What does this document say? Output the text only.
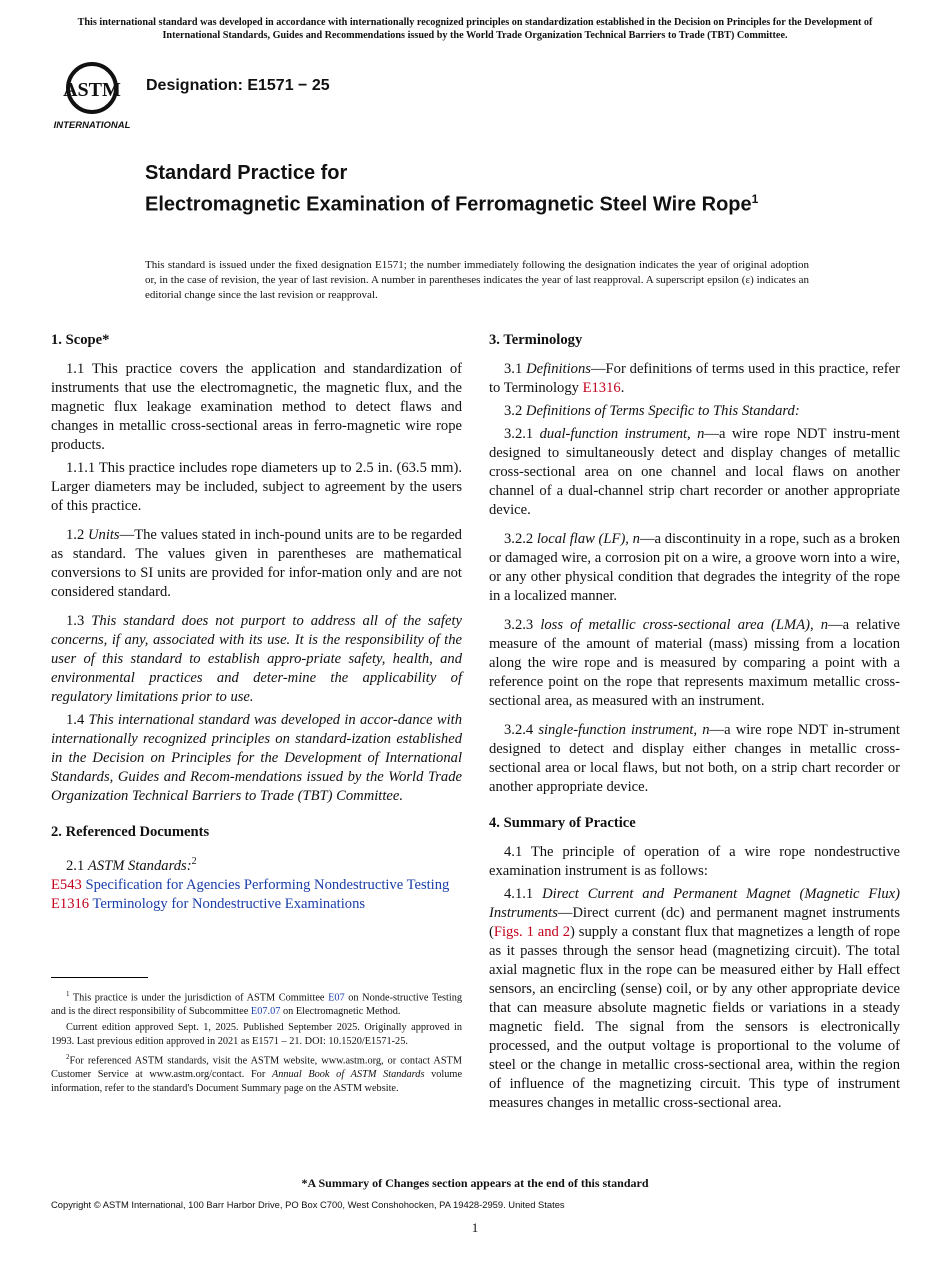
This international standard was developed in accordance with internationally recognized principles on standardization established in the Decision on Principles for the Development of International Standards, Guides and Recommendations issued by the World Trade Organization Technical Barriers to Trade (TBT) Committee.
ASTM
INTERNATIONAL
Designation: E1571 − 25
Standard Practice for
Electromagnetic Examination of Ferromagnetic Steel Wire Rope$^1$
This standard is issued under the fixed designation E1571; the number immediately following the designation indicates the year of original adoption or, in the case of revision, the year of last revision. A number in parentheses indicates the year of last reapproval. A superscript epsilon (ε) indicates an editorial change since the last revision or reapproval.
1. Scope*

1.1 This practice covers the application and standardization of instruments that use the electromagnetic, the magnetic flux, and the magnetic flux leakage examination method to detect flaws and changes in metallic cross-sectional areas in ferro-magnetic wire rope products.

1.1.1 This practice includes rope diameters up to 2.5 in. (63.5 mm). Larger diameters may be included, subject to agreement by the users of this practice.

1.2 Units—The values stated in inch-pound units are to be regarded as standard. The values given in parentheses are mathematical conversions to SI units are provided for infor-mation only and are not considered standard.

1.3 This standard does not purport to address all of the safety concerns, if any, associated with its use. It is the responsibility of the user of this standard to establish appro-priate safety, health, and environmental practices and deter-mine the applicability of regulatory limitations prior to use.

1.4 This international standard was developed in accor-dance with internationally recognized principles on standard-ization established in the Decision on Principles for the Development of International Standards, Guides and Recom-mendations issued by the World Trade Organization Technical Barriers to Trade (TBT) Committee.

2. Referenced Documents

2.1 ASTM Standards:$^2$

E543 Specification for Agencies Performing Nondestructive Testing

E1316 Terminology for Nondestructive Examinations

$^1$ This practice is under the jurisdiction of ASTM Committee E07 on Nonde-structive Testing and is the direct responsibility of Subcommittee E07.07 on Electromagnetic Method.

Current edition approved Sept. 1, 2025. Published September 2025. Originally approved in 1993. Last previous edition approved in 2021 as E1571 – 21. DOI: 10.1520/E1571-25.

$^2$For referenced ASTM standards, visit the ASTM website, www.astm.org, or contact ASTM Customer Service at www.astm.org/contact. For Annual Book of ASTM Standards volume information, refer to the standard's Document Summary page on the ASTM website.

3. Terminology

3.1 Definitions—For definitions of terms used in this practice, refer to Terminology E1316.

3.2 Definitions of Terms Specific to This Standard:

3.2.1 dual-function instrument, n—a wire rope NDT instru-ment designed to simultaneously detect and display changes of metallic cross-sectional area on one channel and local flaws on another channel of a dual-channel strip chart recorder or another appropriate device.

3.2.2 local flaw (LF), n—a discontinuity in a rope, such as a broken or damaged wire, a corrosion pit on a wire, a groove worn into a wire, or any other physical condition that degrades the integrity of the rope in a localized manner.

3.2.3 loss of metallic cross-sectional area (LMA), n—a relative measure of the amount of material (mass) missing from a location along the wire rope and is measured by comparing a point with a reference point on the rope that represents maximum metallic cross-sectional area, as measured with an instrument.

3.2.4 single-function instrument, n—a wire rope NDT in-strument designed to detect and display either changes in metallic cross-sectional area or local flaws, but not both, on a strip chart recorder or another appropriate device.

4. Summary of Practice

4.1 The principle of operation of a wire rope nondestructive examination instrument is as follows:

4.1.1 Direct Current and Permanent Magnet (Magnetic Flux) Instruments—Direct current (dc) and permanent magnet instruments (Figs. 1 and 2) supply a constant flux that magnetizes a length of rope as it passes through the sensor head (magnetizing circuit). The total axial magnetic flux in the rope can be measured either by Hall effect sensors, an encircling (sense) coil, or by any other appropriate device that can measure absolute magnetic fields or variations in a steady magnetic field. The signal from the sensors is electronically processed, and the output voltage is proportional to the volume of steel or the change in metallic cross-sectional area, within the region of influence of the magnetizing circuit. This type of instrument measures changes in metallic cross-sectional area.

*A Summary of Changes section appears at the end of this standard
Copyright © ASTM International, 100 Barr Harbor Drive, PO Box C700, West Conshohocken, PA 19428-2959. United States
1
